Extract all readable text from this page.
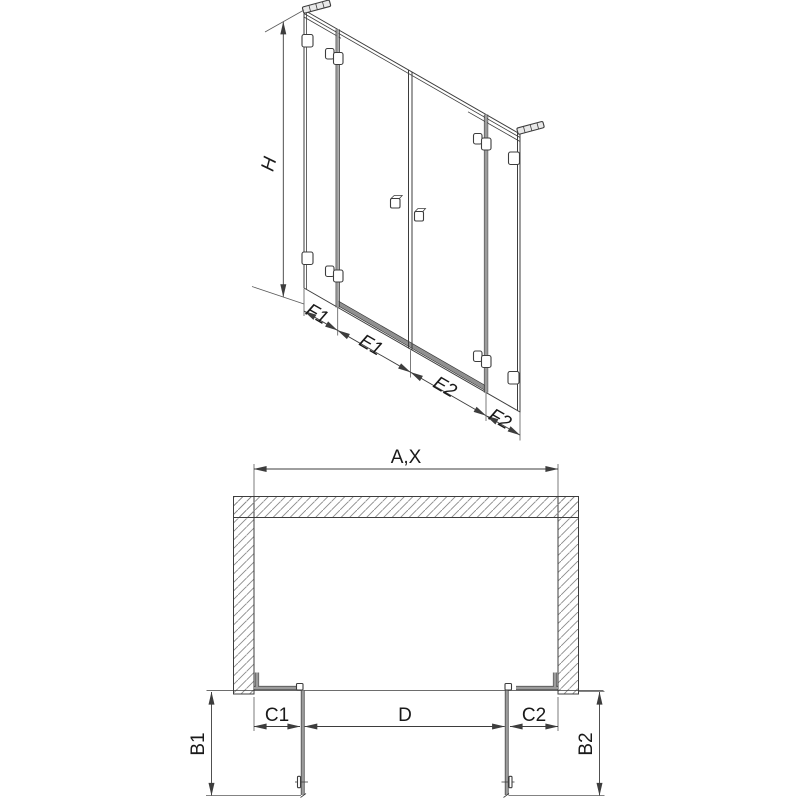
H
F1
E1
E2
F2
A,X
C1	D	C2
B1	B2
